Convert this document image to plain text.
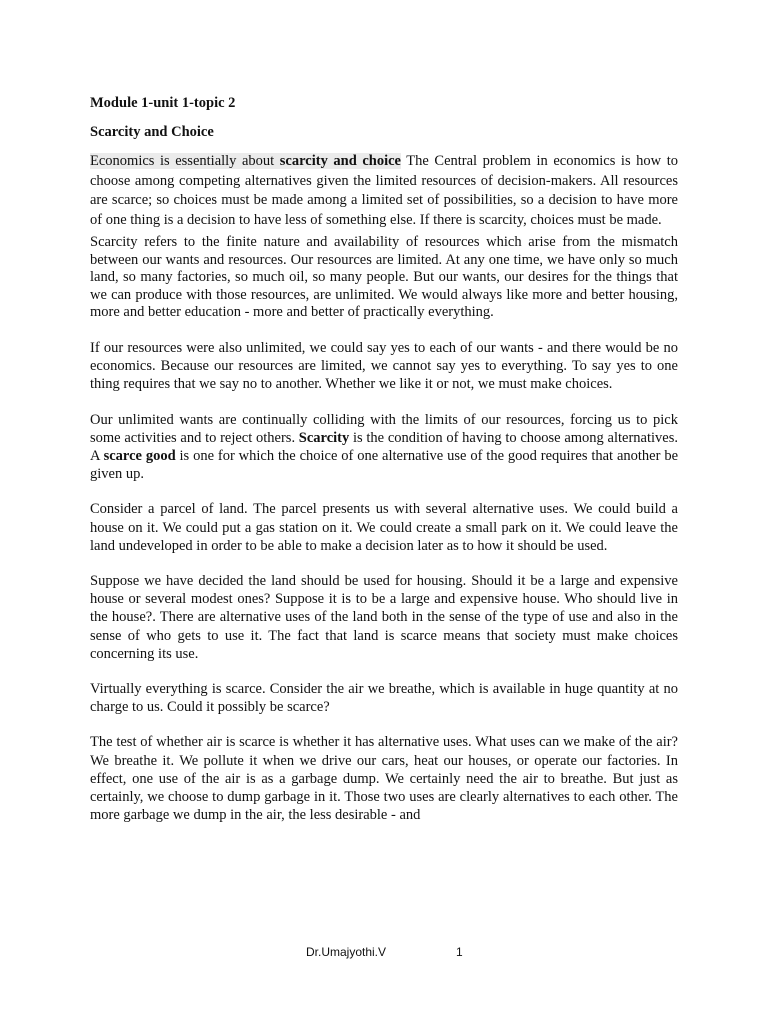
Module 1-unit 1-topic 2
Scarcity and Choice

Economics is essentially about scarcity and choice The Central problem in economics is how to choose among competing alternatives given the limited resources of decision-makers. All resources are scarce; so choices must be made among a limited set of possibilities, so a decision to have more of one thing is a decision to have less of something else. If there is scarcity, choices must be made.

Scarcity refers to the finite nature and availability of resources which arise from the mismatch between our wants and resources. Our resources are limited. At any one time, we have only so much land, so many factories, so much oil, so many people. But our wants, our desires for the things that we can produce with those resources, are unlimited. We would always like more and better housing, more and better education - more and better of practically everything.

If our resources were also unlimited, we could say yes to each of our wants - and there would be no economics. Because our resources are limited, we cannot say yes to everything. To say yes to one thing requires that we say no to another. Whether we like it or not, we must make choices.

Our unlimited wants are continually colliding with the limits of our resources, forcing us to pick some activities and to reject others. Scarcity is the condition of having to choose among alternatives. A scarce good is one for which the choice of one alternative use of the good requires that another be given up.

Consider a parcel of land. The parcel presents us with several alternative uses. We could build a house on it. We could put a gas station on it. We could create a small park on it. We could leave the land undeveloped in order to be able to make a decision later as to how it should be used.

Suppose we have decided the land should be used for housing. Should it be a large and expensive house or several modest ones? Suppose it is to be a large and expensive house. Who should live in the house?. There are alternative uses of the land both in the sense of the type of use and also in the sense of who gets to use it. The fact that land is scarce means that society must make choices concerning its use.

Virtually everything is scarce. Consider the air we breathe, which is available in huge quantity at no charge to us. Could it possibly be scarce?

The test of whether air is scarce is whether it has alternative uses. What uses can we make of the air? We breathe it. We pollute it when we drive our cars, heat our houses, or operate our factories. In effect, one use of the air is as a garbage dump. We certainly need the air to breathe. But just as certainly, we choose to dump garbage in it. Those two uses are clearly alternatives to each other. The more garbage we dump in the air, the less desirable - and

Dr.Umajyothi.V	1
